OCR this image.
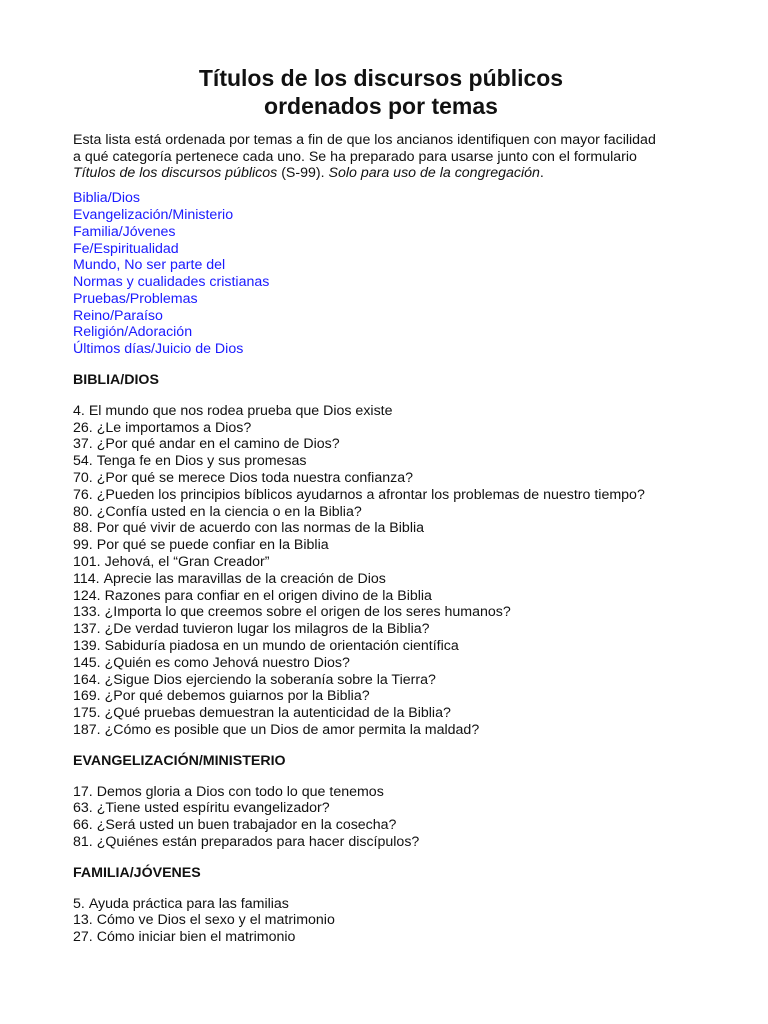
Títulos de los discursos públicos
ordenados por temas

Esta lista está ordenada por temas a fin de que los ancianos identifiquen con mayor facilidad
a qué categoría pertenece cada uno. Se ha preparado para usarse junto con el formulario
Títulos de los discursos públicos (S-99). Solo para uso de la congregación.

Biblia/Dios
Evangelización/Ministerio
Familia/Jóvenes
Fe/Espiritualidad
Mundo, No ser parte del
Normas y cualidades cristianas
Pruebas/Problemas
Reino/Paraíso
Religión/Adoración
Últimos días/Juicio de Dios
BIBLIA/DIOS
4. El mundo que nos rodea prueba que Dios existe
26. ¿Le importamos a Dios?
37. ¿Por qué andar en el camino de Dios?
54. Tenga fe en Dios y sus promesas
70. ¿Por qué se merece Dios toda nuestra confianza?
76. ¿Pueden los principios bíblicos ayudarnos a afrontar los problemas de nuestro tiempo?
80. ¿Confía usted en la ciencia o en la Biblia?
88. Por qué vivir de acuerdo con las normas de la Biblia
99. Por qué se puede confiar en la Biblia
101. Jehová, el “Gran Creador”
114. Aprecie las maravillas de la creación de Dios
124. Razones para confiar en el origen divino de la Biblia
133. ¿Importa lo que creemos sobre el origen de los seres humanos?
137. ¿De verdad tuvieron lugar los milagros de la Biblia?
139. Sabiduría piadosa en un mundo de orientación científica
145. ¿Quién es como Jehová nuestro Dios?
164. ¿Sigue Dios ejerciendo la soberanía sobre la Tierra?
169. ¿Por qué debemos guiarnos por la Biblia?
175. ¿Qué pruebas demuestran la autenticidad de la Biblia?
187. ¿Cómo es posible que un Dios de amor permita la maldad?
EVANGELIZACIÓN/MINISTERIO
17. Demos gloria a Dios con todo lo que tenemos
63. ¿Tiene usted espíritu evangelizador?
66. ¿Será usted un buen trabajador en la cosecha?
81. ¿Quiénes están preparados para hacer discípulos?
FAMILIA/JÓVENES
5. Ayuda práctica para las familias
13. Cómo ve Dios el sexo y el matrimonio
27. Cómo iniciar bien el matrimonio
